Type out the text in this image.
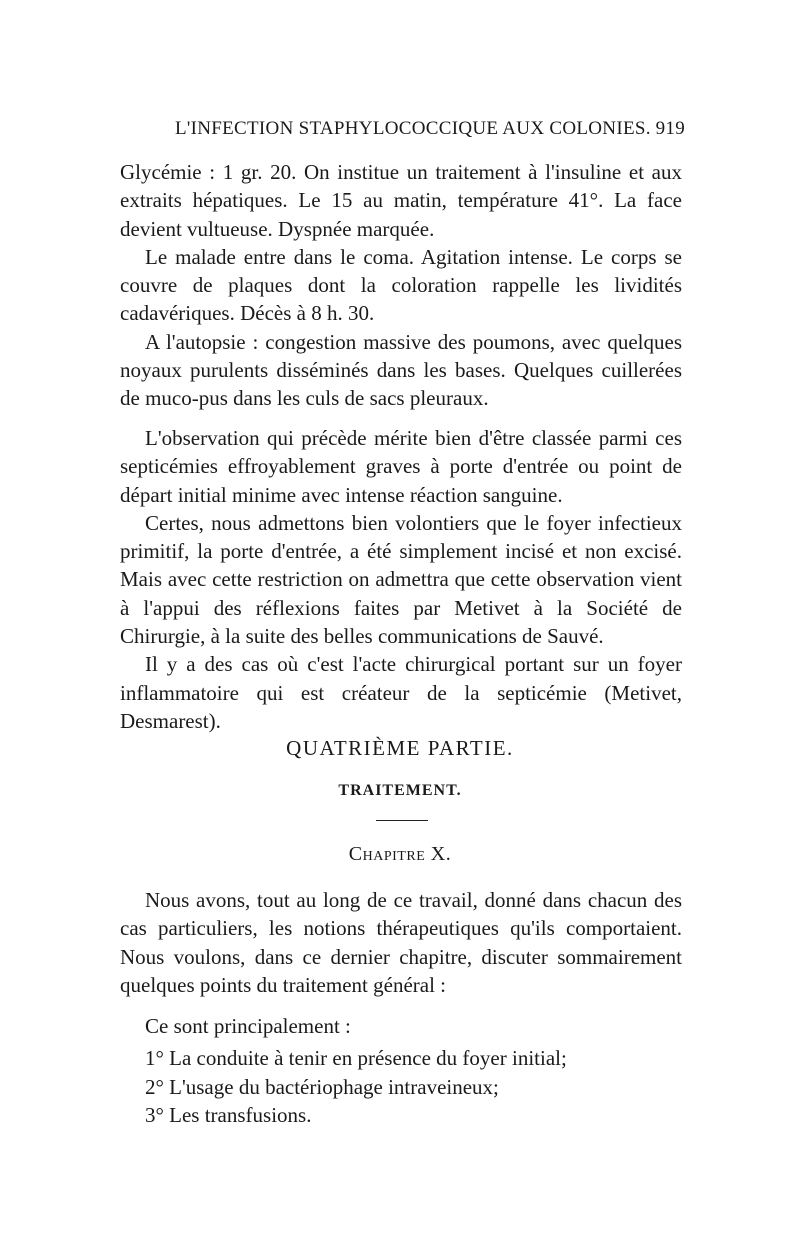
L'INFECTION STAPHYLOCOCCIQUE AUX COLONIES. 919

Glycémie : 1 gr. 20. On institue un traitement à l'insuline et aux extraits hépatiques. Le 15 au matin, température 41°. La face devient vultueuse. Dyspnée marquée.

Le malade entre dans le coma. Agitation intense. Le corps se couvre de plaques dont la coloration rappelle les lividités cadavériques. Décès à 8 h. 30.

A l'autopsie : congestion massive des poumons, avec quelques noyaux purulents disséminés dans les bases. Quelques cuillerées de muco-pus dans les culs de sacs pleuraux.

L'observation qui précède mérite bien d'être classée parmi ces septicémies effroyablement graves à porte d'entrée ou point de départ initial minime avec intense réaction sanguine.

Certes, nous admettons bien volontiers que le foyer infectieux primitif, la porte d'entrée, a été simplement incisé et non excisé. Mais avec cette restriction on admettra que cette observation vient à l'appui des réflexions faites par Metivet à la Société de Chirurgie, à la suite des belles communications de Sauvé.

Il y a des cas où c'est l'acte chirurgical portant sur un foyer inflammatoire qui est créateur de la septicémie (Metivet, Desmarest).

QUATRIÈME PARTIE.
TRAITEMENT.
Chapitre X.

Nous avons, tout au long de ce travail, donné dans chacun des cas particuliers, les notions thérapeutiques qu'ils comportaient. Nous voulons, dans ce dernier chapitre, discuter sommairement quelques points du traitement général :

Ce sont principalement :

1° La conduite à tenir en présence du foyer initial;

2° L'usage du bactériophage intraveineux;

3° Les transfusions.
